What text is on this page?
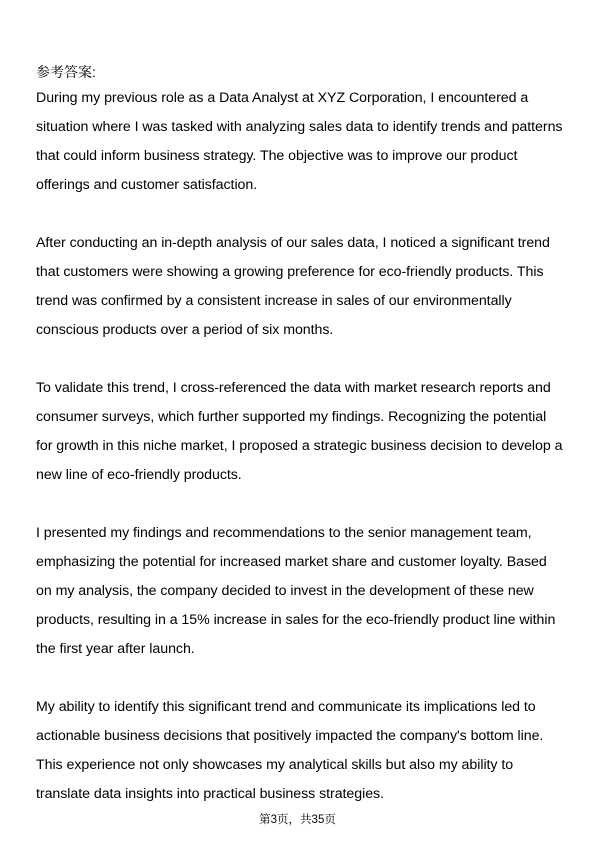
参考答案:

During my previous role as a Data Analyst at XYZ Corporation, I encountered a situation where I was tasked with analyzing sales data to identify trends and patterns that could inform business strategy. The objective was to improve our product offerings and customer satisfaction.

After conducting an in-depth analysis of our sales data, I noticed a significant trend that customers were showing a growing preference for eco-friendly products. This trend was confirmed by a consistent increase in sales of our environmentally conscious products over a period of six months.

To validate this trend, I cross-referenced the data with market research reports and consumer surveys, which further supported my findings. Recognizing the potential for growth in this niche market, I proposed a strategic business decision to develop a new line of eco-friendly products.

I presented my findings and recommendations to the senior management team, emphasizing the potential for increased market share and customer loyalty. Based on my analysis, the company decided to invest in the development of these new products, resulting in a 15% increase in sales for the eco-friendly product line within the first year after launch.

My ability to identify this significant trend and communicate its implications led to actionable business decisions that positively impacted the company's bottom line. This experience not only showcases my analytical skills but also my ability to translate data insights into practical business strategies.

第3页，共35页
